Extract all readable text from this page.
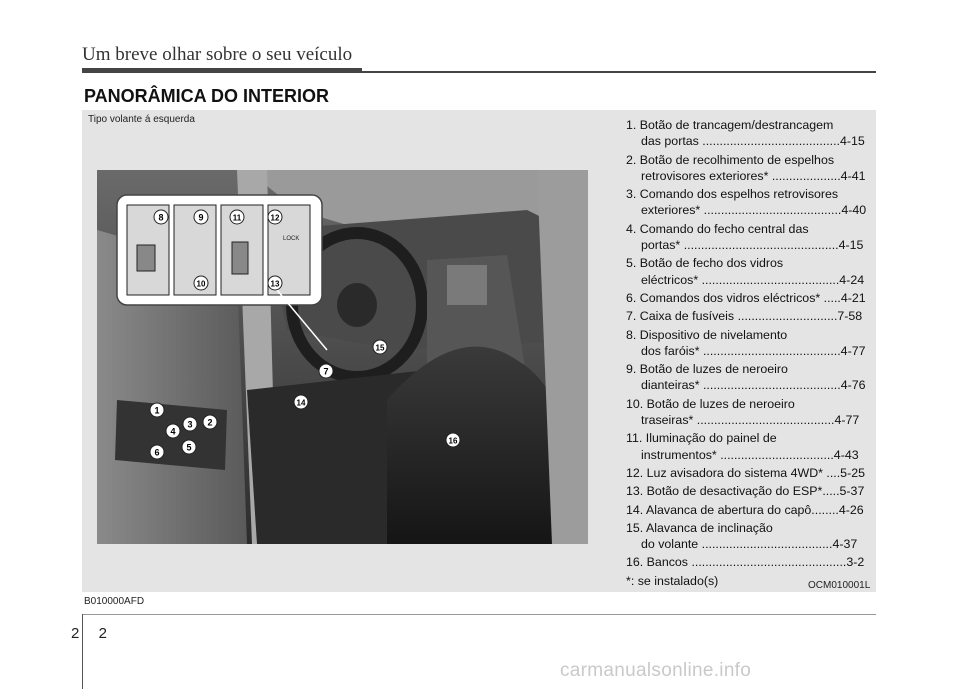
Um breve olhar sobre o seu veículo
PANORÂMICA DO INTERIOR
Tipo volante á esquerda
LOCK
1
2
3
4
5
6
7
8	9
10
11	12
13
14
15
16
1. Botão de trancagem/destrancagem
das portas ........................................4-15
2. Botão de recolhimento de espelhos
retrovisores exteriores* ....................4-41
3. Comando dos espelhos retrovisores
exteriores* ........................................4-40
4. Comando do fecho central das
portas* .............................................4-15
5. Botão de fecho dos vidros
eléctricos* ........................................4-24
6. Comandos dos vidros eléctricos* .....4-21
7. Caixa de fusíveis .............................7-58
8. Dispositivo de nivelamento
dos faróis* ........................................4-77
9. Botão de luzes de neroeiro
dianteiras* ........................................4-76
10. Botão de luzes de neroeiro
traseiras* ........................................4-77
11. Iluminação do painel de
instrumentos* .................................4-43
12. Luz avisadora do sistema 4WD* ....5-25
13. Botão de desactivação do ESP*.....5-37
14. Alavanca de abertura do capô........4-26
15. Alavanca de inclinação
do volante ......................................4-37
16. Bancos .............................................3-2
*: se instalado(s)	OCM010001L
B010000AFD
2 2
carmanualsonline.info
